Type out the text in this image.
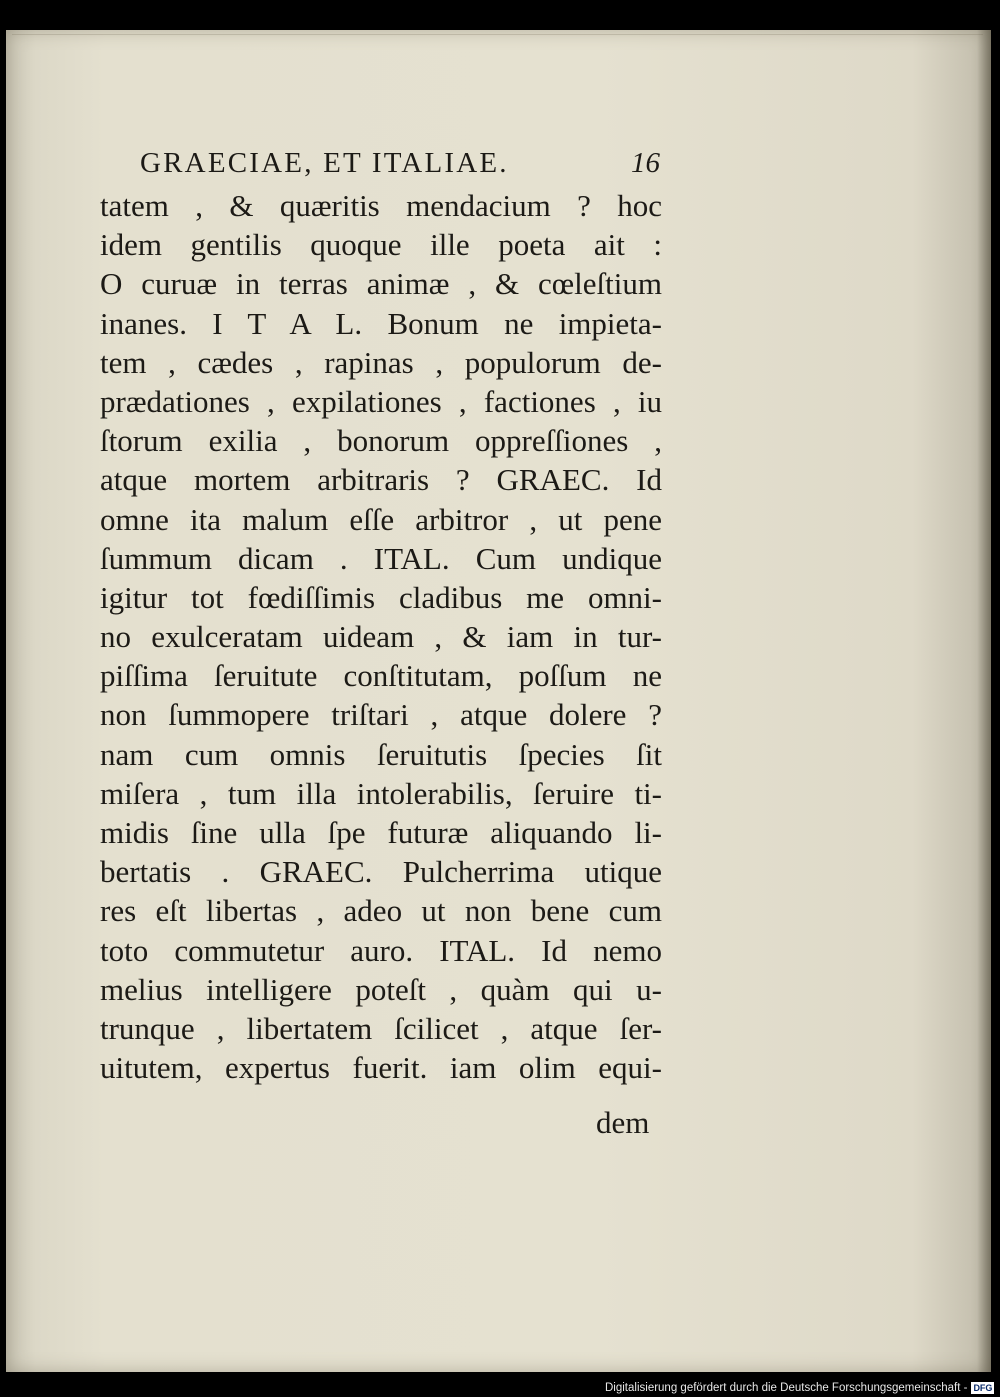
GRAECIAE, ET ITALIAE.	16
tatem , & quæritis mendacium ? hoc
idem gentilis quoque ille poeta ait :
O curuæ in terras animæ , & cœleſtium
inanes. I T A L. Bonum ne impieta-
tem , cædes , rapinas , populorum de-
prædationes , expilationes , factiones , iu
ſtorum exilia , bonorum oppreſſiones ,
atque mortem arbitraris ? GRAEC. Id
omne ita malum eſſe arbitror , ut pene
ſummum dicam . ITAL. Cum undique
igitur tot fœdiſſimis cladibus me omni-
no exulceratam uideam , & iam in tur-
piſſima ſeruitute conſtitutam, poſſum ne
non ſummopere triſtari , atque dolere ?
nam cum omnis ſeruitutis ſpecies ſit
miſera , tum illa intolerabilis, ſeruire ti-
midis ſine ulla ſpe futuræ aliquando li-
bertatis . GRAEC. Pulcherrima utique
res eſt libertas , adeo ut non bene cum
toto commutetur auro. ITAL. Id nemo
melius intelligere poteſt , quàm qui u-
trunque , libertatem ſcilicet , atque ſer-
uitutem, expertus fuerit. iam olim equi-
dem
Digitalisierung gefördert durch die Deutsche Forschungsgemeinschaft - DFG
